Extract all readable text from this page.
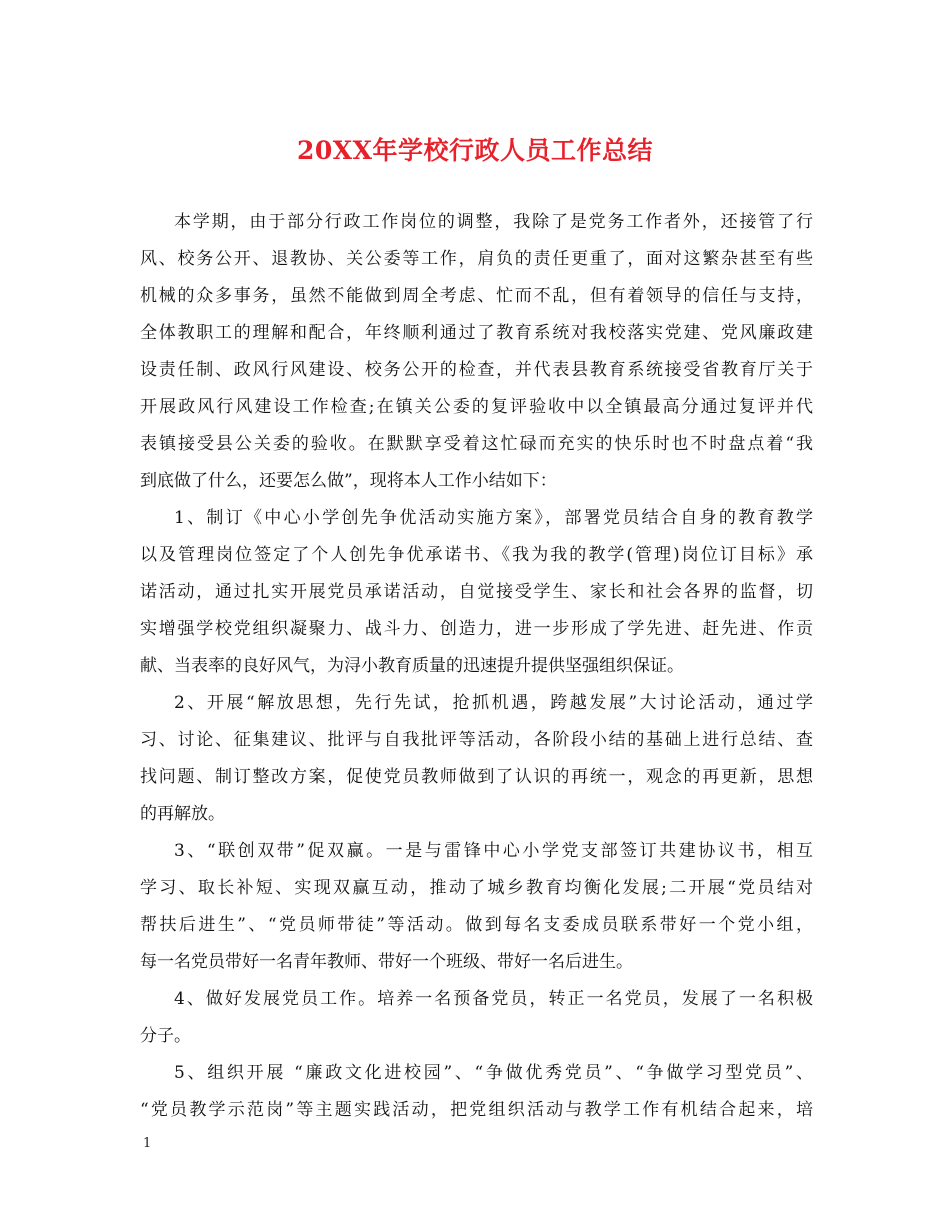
20XX年学校行政人员工作总结
本学期，由于部分行政工作岗位的调整，我除了是党务工作者外，还接管了行
风、校务公开、退教协、关公委等工作，肩负的责任更重了，面对这繁杂甚至有些
机械的众多事务，虽然不能做到周全考虑、忙而不乱，但有着领导的信任与支持，
全体教职工的理解和配合，年终顺利通过了教育系统对我校落实党建、党风廉政建
设责任制、政风行风建设、校务公开的检查，并代表县教育系统接受省教育厅关于
开展政风行风建设工作检查;在镇关公委的复评验收中以全镇最高分通过复评并代
表镇接受县公关委的验收。在默默享受着这忙碌而充实的快乐时也不时盘点着“我
到底做了什么，还要怎么做”，现将本人工作小结如下：
1、制订《中心小学创先争优活动实施方案》，部署党员结合自身的教育教学
以及管理岗位签定了个人创先争优承诺书、《我为我的教学(管理)岗位订目标》承
诺活动，通过扎实开展党员承诺活动，自觉接受学生、家长和社会各界的监督，切
实增强学校党组织凝聚力、战斗力、创造力，进一步形成了学先进、赶先进、作贡
献、当表率的良好风气，为浔小教育质量的迅速提升提供坚强组织保证。
2、开展“解放思想，先行先试，抢抓机遇，跨越发展”大讨论活动，通过学
习、讨论、征集建议、批评与自我批评等活动，各阶段小结的基础上进行总结、查
找问题、制订整改方案，促使党员教师做到了认识的再统一，观念的再更新，思想
的再解放。
3、“联创双带”促双赢。一是与雷锋中心小学党支部签订共建协议书，相互
学习、取长补短、实现双赢互动，推动了城乡教育均衡化发展;二开展“党员结对
帮扶后进生”、“党员师带徒”等活动。做到每名支委成员联系带好一个党小组，
每一名党员带好一名青年教师、带好一个班级、带好一名后进生。
4、做好发展党员工作。培养一名预备党员，转正一名党员，发展了一名积极
分子。
5、组织开展 “廉政文化进校园”、“争做优秀党员”、“争做学习型党员”、
“党员教学示范岗”等主题实践活动，把党组织活动与教学工作有机结合起来，培
1
